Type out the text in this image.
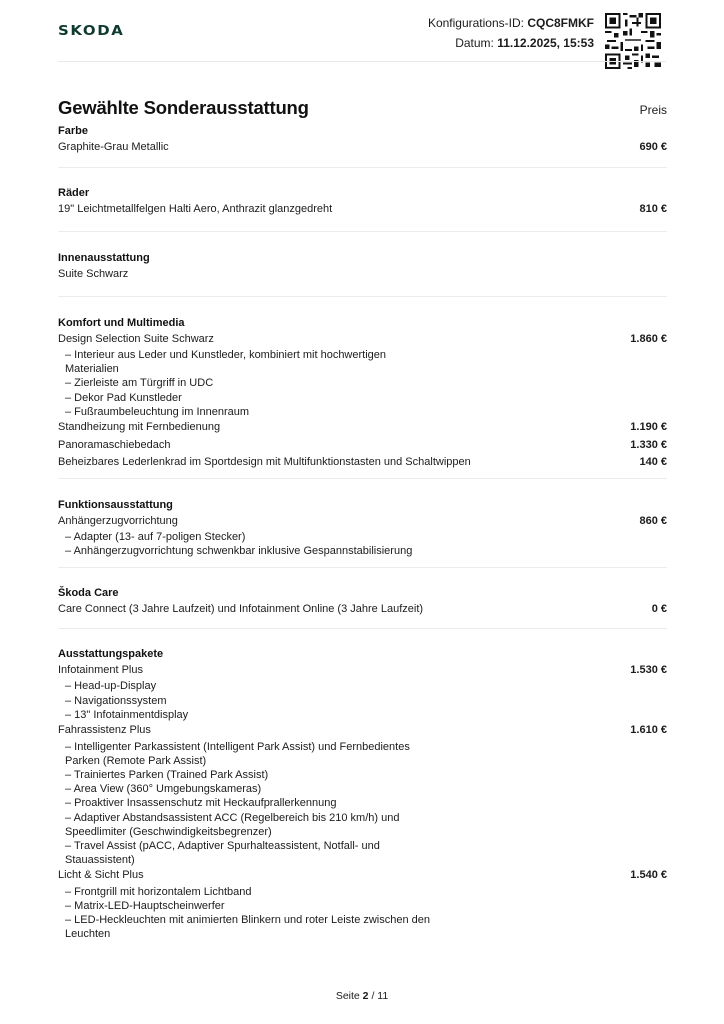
SKODA
Konfigurations-ID: CQC8FMKF
Datum: 11.12.2025, 15:53
Gewählte Sonderausstattung	Preis
Farbe
Graphite-Grau Metallic	690 €
Räder
19" Leichtmetallfelgen Halti Aero, Anthrazit glanzgedreht	810 €
Innenausstattung
Suite Schwarz
Komfort und Multimedia
Design Selection Suite Schwarz	1.860 €
– Interieur aus Leder und Kunstleder, kombiniert mit hochwertigen Materialien
– Zierleiste am Türgriff in UDC
– Dekor Pad Kunstleder
– Fußraumbeleuchtung im Innenraum
Standheizung mit Fernbedienung	1.190 €
Panoramaschiebedach	1.330 €
Beheizbares Lederlenkrad im Sportdesign mit Multifunktionstasten und Schaltwippen	140 €
Funktionsausstattung
Anhängerzugvorrichtung	860 €
– Adapter (13- auf 7-poligen Stecker)
– Anhängerzugvorrichtung schwenkbar inklusive Gespannstabilisierung
Škoda Care
Care Connect (3 Jahre Laufzeit) und Infotainment Online (3 Jahre Laufzeit)	0 €
Ausstattungspakete
Infotainment Plus	1.530 €
– Head-up-Display
– Navigationssystem
– 13" Infotainmentdisplay
Fahrassistenz Plus	1.610 €
– Intelligenter Parkassistent (Intelligent Park Assist) und Fernbedientes Parken (Remote Park Assist)
– Trainiertes Parken (Trained Park Assist)
– Area View (360° Umgebungskameras)
– Proaktiver Insassenschutz mit Heckaufprallerkennung
– Adaptiver Abstandsassistent ACC (Regelbereich bis 210 km/h) und Speedlimiter (Geschwindigkeitsbegrenzer)
– Travel Assist (pACC, Adaptiver Spurhalteassistent, Notfall- und Stauassistent)
Licht & Sicht Plus	1.540 €
– Frontgrill mit horizontalem Lichtband
– Matrix-LED-Hauptscheinwerfer
– LED-Heckleuchten mit animierten Blinkern und roter Leiste zwischen den Leuchten
Seite 2 / 11
